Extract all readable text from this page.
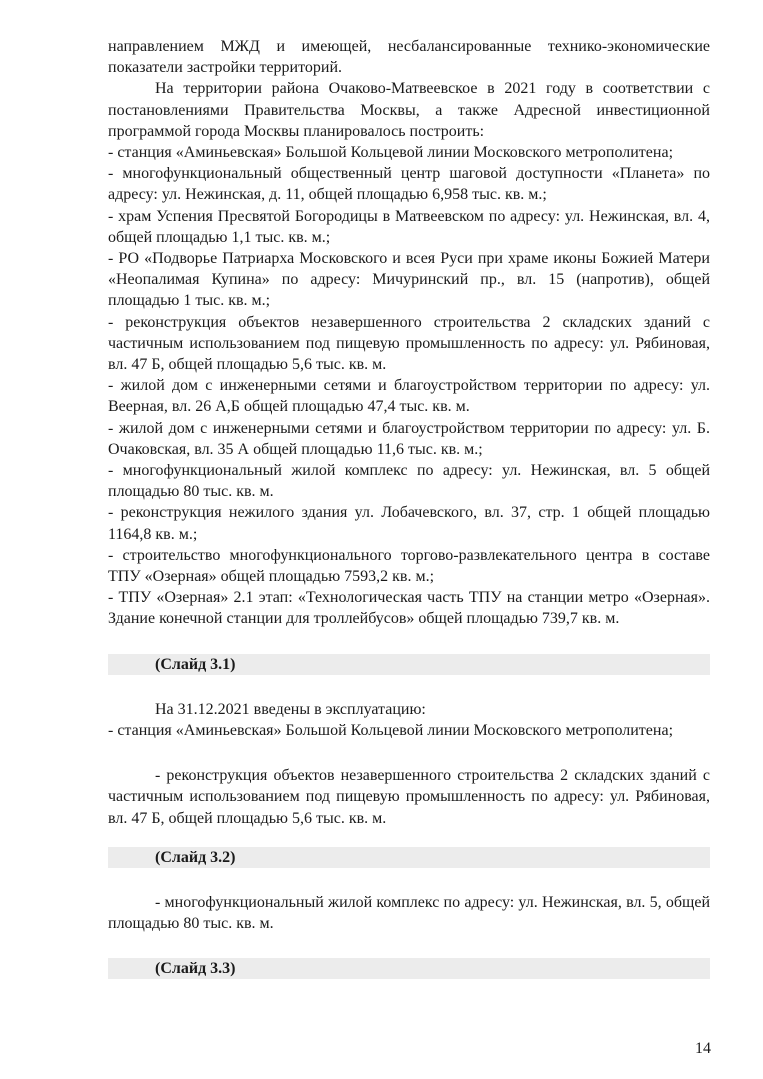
направлением МЖД и имеющей, несбалансированные технико-экономические показатели застройки территорий.

На территории района Очаково-Матвеевское в 2021 году в соответствии с постановлениями Правительства Москвы, а также Адресной инвестиционной программой города Москвы планировалось построить:

- станция «Аминьевская» Большой Кольцевой линии Московского метрополитена;

- многофункциональный общественный центр шаговой доступности «Планета» по адресу: ул. Нежинская, д. 11, общей площадью 6,958 тыс. кв. м.;

- храм Успения Пресвятой Богородицы в Матвеевском по адресу: ул. Нежинская, вл. 4, общей площадью 1,1 тыс. кв. м.;

- РО «Подворье Патриарха Московского и всея Руси при храме иконы Божией Матери «Неопалимая Купина» по адресу: Мичуринский пр., вл. 15 (напротив), общей площадью 1 тыс. кв. м.;

- реконструкция объектов незавершенного строительства 2 складских зданий с частичным использованием под пищевую промышленность по адресу: ул. Рябиновая, вл. 47 Б, общей площадью 5,6 тыс. кв. м.

- жилой дом с инженерными сетями и благоустройством территории по адресу: ул. Веерная, вл. 26 А,Б общей площадью 47,4 тыс. кв. м.

- жилой дом с инженерными сетями и благоустройством территории по адресу: ул. Б. Очаковская, вл. 35 А общей площадью 11,6 тыс. кв. м.;

- многофункциональный жилой комплекс по адресу: ул. Нежинская, вл. 5 общей площадью 80 тыс. кв. м.

- реконструкция нежилого здания ул. Лобачевского, вл. 37, стр. 1 общей площадью 1164,8 кв. м.;

- строительство многофункционального торгово-развлекательного центра в составе ТПУ «Озерная» общей площадью 7593,2 кв. м.;

- ТПУ «Озерная» 2.1 этап: «Технологическая часть ТПУ на станции метро «Озерная». Здание конечной станции для троллейбусов» общей площадью 739,7 кв. м.

(Слайд 3.1)

На 31.12.2021 введены в эксплуатацию:

- станция «Аминьевская» Большой Кольцевой линии Московского метрополитена;

- реконструкция объектов незавершенного строительства 2 складских зданий с частичным использованием под пищевую промышленность по адресу: ул. Рябиновая, вл. 47 Б, общей площадью 5,6 тыс. кв. м.

(Слайд 3.2)

- многофункциональный жилой комплекс по адресу: ул. Нежинская, вл. 5, общей площадью 80 тыс. кв. м.

(Слайд 3.3)
14
